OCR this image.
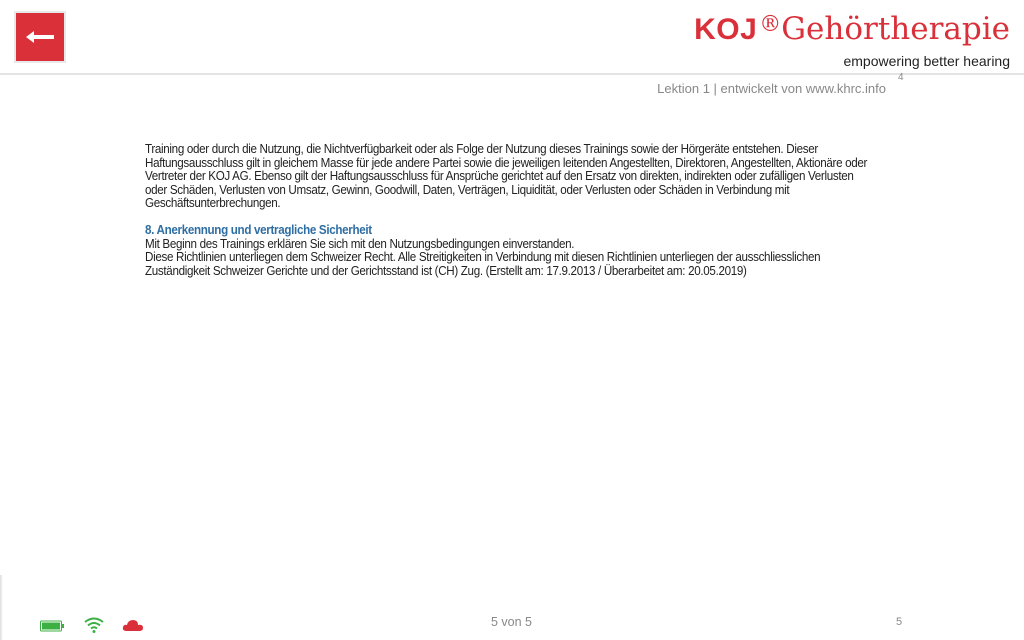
KOJ®Gehörtherapie
empowering better hearing
Lektion 1 | entwickelt von www.khrc.info
4

Training oder durch die Nutzung, die Nichtverfügbarkeit oder als Folge der Nutzung dieses Trainings sowie der Hörgeräte entstehen. Dieser Haftungsausschluss gilt in gleichem Masse für jede andere Partei sowie die jeweiligen leitenden Angestellten, Direktoren, Angestellten, Aktionäre oder Vertreter der KOJ AG. Ebenso gilt der Haftungsausschluss für Ansprüche gerichtet auf den Ersatz von direkten, indirekten oder zufälligen Verlusten oder Schäden, Verlusten von Umsatz, Gewinn, Goodwill, Daten, Verträgen, Liquidität, oder Verlusten oder Schäden in Verbindung mit Geschäftsunterbrechungen.

8. Anerkennung und vertragliche Sicherheit

Mit Beginn des Trainings erklären Sie sich mit den Nutzungsbedingungen einverstanden.

Diese Richtlinien unterliegen dem Schweizer Recht. Alle Streitigkeiten in Verbindung mit diesen Richtlinien unterliegen der ausschliesslichen Zuständigkeit Schweizer Gerichte und der Gerichtsstand ist (CH) Zug. (Erstellt am: 17.9.2013 / Überarbeitet am: 20.05.2019)

5 von 5	5
